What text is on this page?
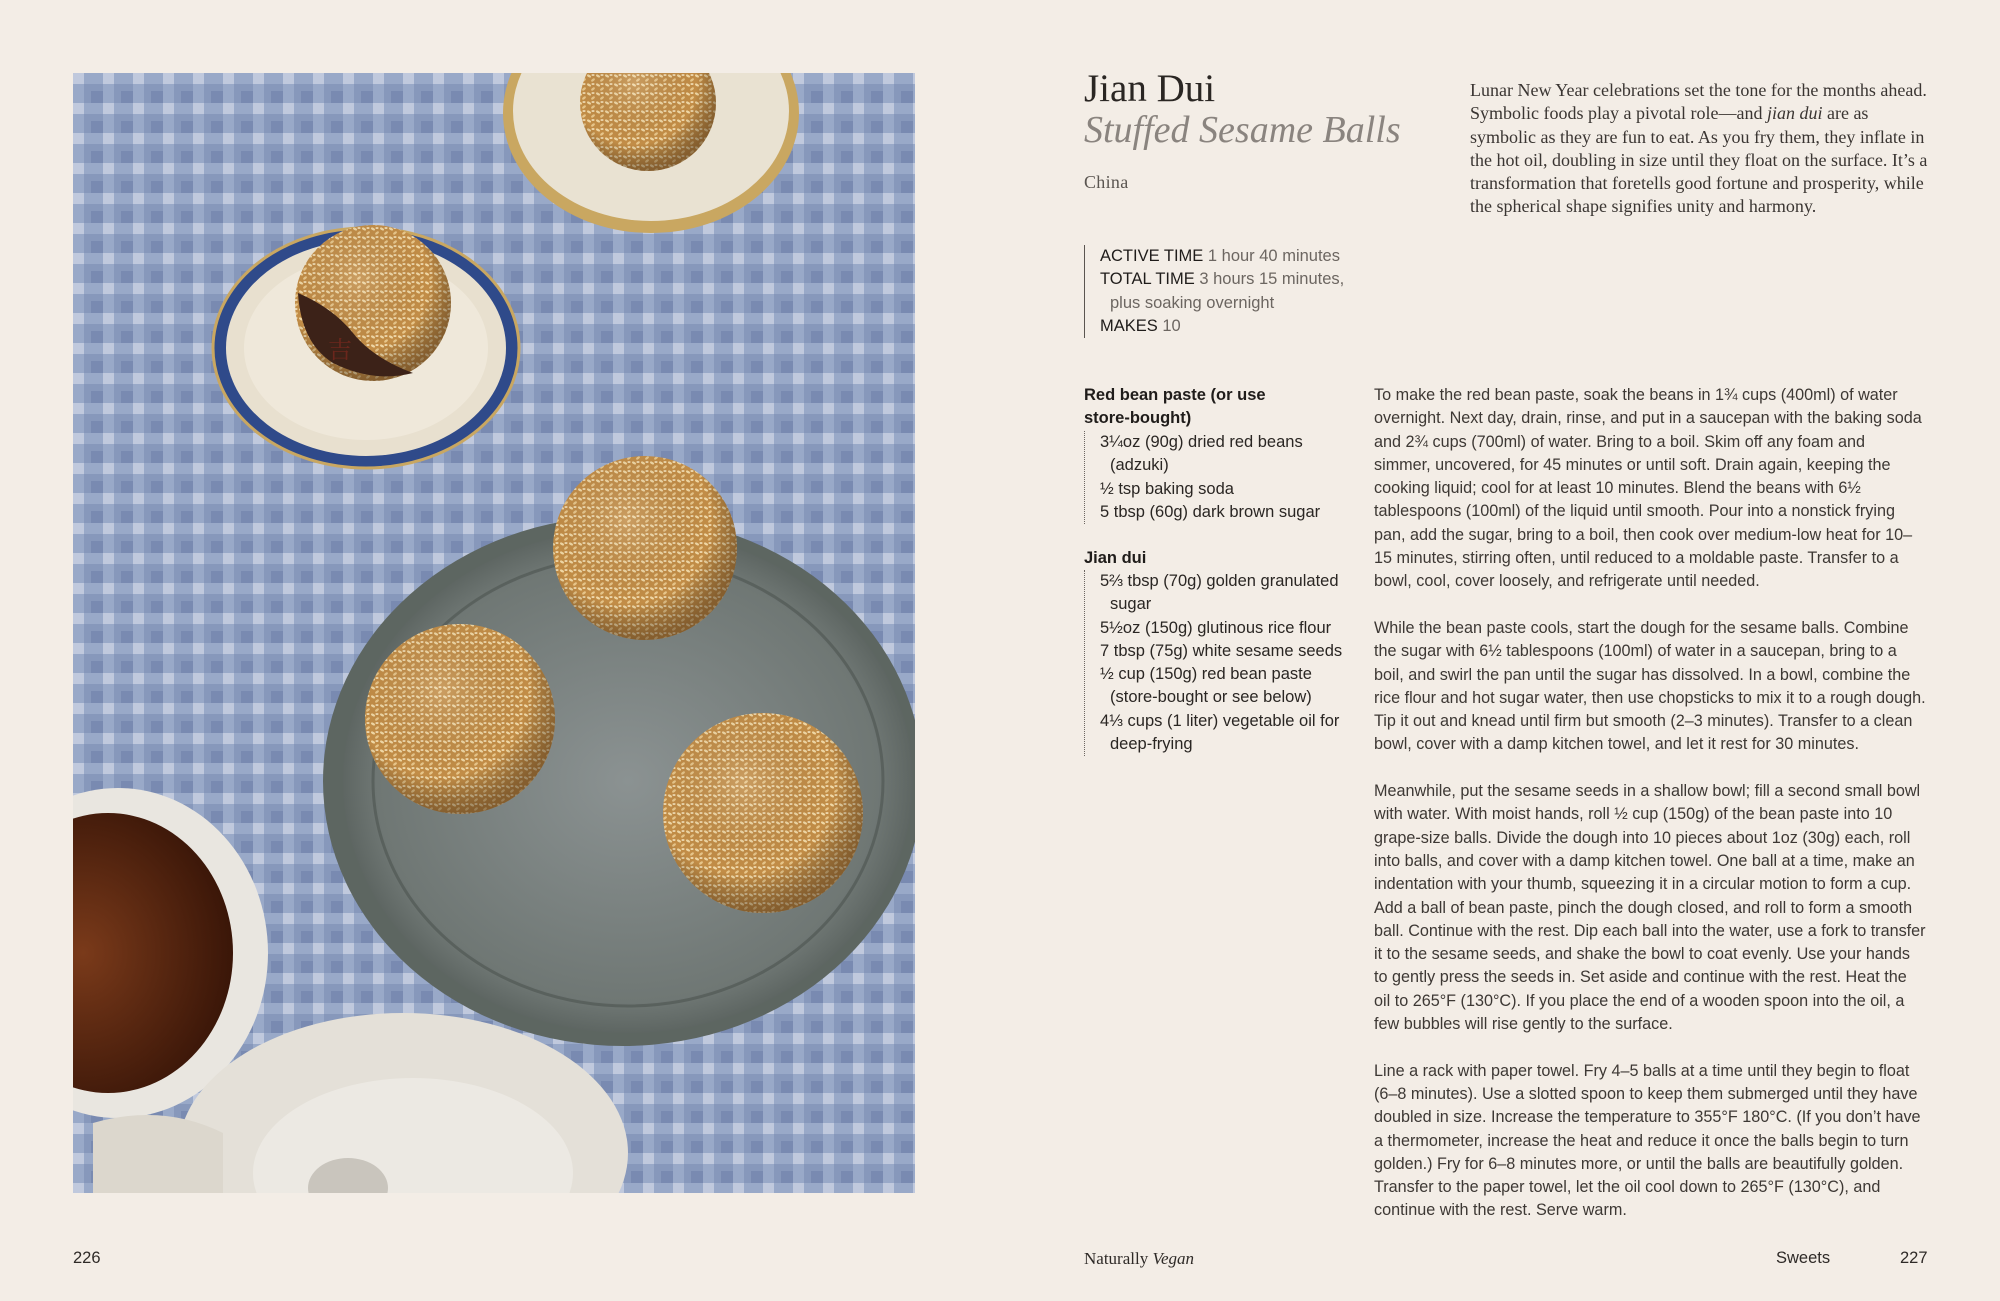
吉
Jian Dui
Stuffed Sesame Balls
China
ACTIVE TIME 1 hour 40 minutes
TOTAL TIME 3 hours 15 minutes,
plus soaking overnight
MAKES 10
Lunar New Year celebrations set the tone for the months ahead. Symbolic foods play a pivotal role—and jian dui are as symbolic as they are fun to eat. As you fry them, they inflate in the hot oil, doubling in size until they float on the surface. It’s a transformation that foretells good fortune and prosperity, while the spherical shape signifies unity and harmony.
Red bean paste (or use store-bought)
3¼oz (90g) dried red beans (adzuki)
½ tsp baking soda
5 tbsp (60g) dark brown sugar
Jian dui
5⅔ tbsp (70g) golden granulated sugar
5½oz (150g) glutinous rice flour
7 tbsp (75g) white sesame seeds
½ cup (150g) red bean paste (store-bought or see below)
4⅓ cups (1 liter) vegetable oil for deep-frying

To make the red bean paste, soak the beans in 1¾ cups (400ml) of water overnight. Next day, drain, rinse, and put in a saucepan with the baking soda and 2¾ cups (700ml) of water. Bring to a boil. Skim off any foam and simmer, uncovered, for 45 minutes or until soft. Drain again, keeping the cooking liquid; cool for at least 10 minutes. Blend the beans with 6½ tablespoons (100ml) of the liquid until smooth. Pour into a nonstick frying pan, add the sugar, bring to a boil, then cook over medium-low heat for 10–15 minutes, stirring often, until reduced to a moldable paste. Transfer to a bowl, cool, cover loosely, and refrigerate until needed.

While the bean paste cools, start the dough for the sesame balls. Combine the sugar with 6½ tablespoons (100ml) of water in a saucepan, bring to a boil, and swirl the pan until the sugar has dissolved. In a bowl, combine the rice flour and hot sugar water, then use chopsticks to mix it to a rough dough. Tip it out and knead until firm but smooth (2–3 minutes). Transfer to a clean bowl, cover with a damp kitchen towel, and let it rest for 30 minutes.

Meanwhile, put the sesame seeds in a shallow bowl; fill a second small bowl with water. With moist hands, roll ½ cup (150g) of the bean paste into 10 grape-size balls. Divide the dough into 10 pieces about 1oz (30g) each, roll into balls, and cover with a damp kitchen towel. One ball at a time, make an indentation with your thumb, squeezing it in a circular motion to form a cup. Add a ball of bean paste, pinch the dough closed, and roll to form a smooth ball. Continue with the rest. Dip each ball into the water, use a fork to transfer it to the sesame seeds, and shake the bowl to coat evenly. Use your hands to gently press the seeds in. Set aside and continue with the rest. Heat the oil to 265°F (130°C). If you place the end of a wooden spoon into the oil, a few bubbles will rise gently to the surface.

Line a rack with paper towel. Fry 4–5 balls at a time until they begin to float (6–8 minutes). Use a slotted spoon to keep them submerged until they have doubled in size. Increase the temperature to 355°F 180°C. (If you don’t have a thermometer, increase the heat and reduce it once the balls begin to turn golden.) Fry for 6–8 minutes more, or until the balls are beautifully golden. Transfer to the paper towel, let the oil cool down to 265°F (130°C), and continue with the rest. Serve warm.

226	Naturally Vegan	Sweets	227
